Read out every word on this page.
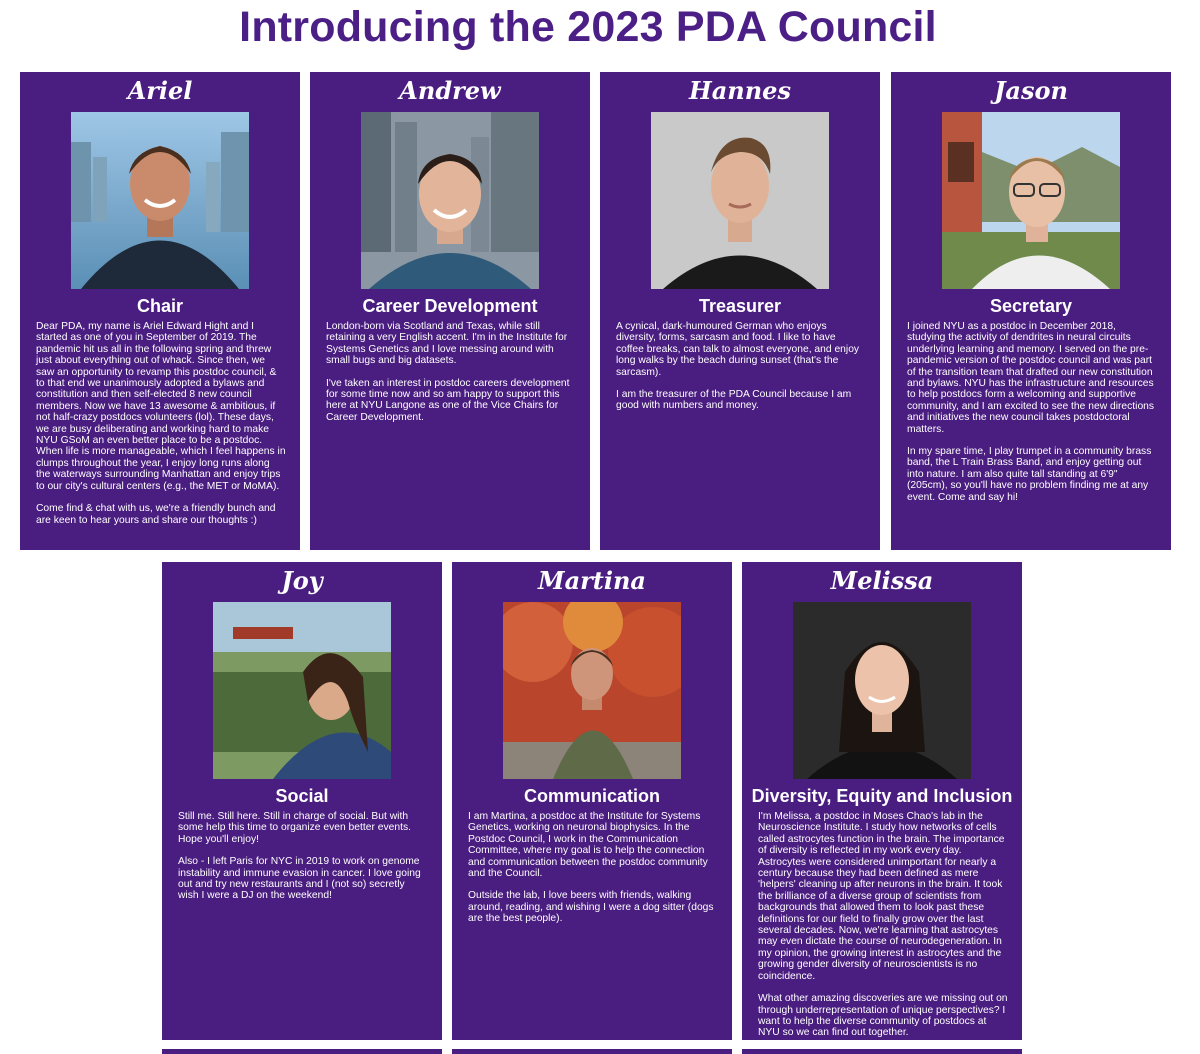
Introducing the 2023 PDA Council
Ariel
Chair

Dear PDA, my name is Ariel Edward Hight and I started as one of you in September of 2019. The pandemic hit us all in the following spring and threw just about everything out of whack. Since then, we saw an opportunity to revamp this postdoc council, & to that end we unanimously adopted a bylaws and constitution and then self-elected 8 new council members. Now we have 13 awesome & ambitious, if not half-crazy postdocs volunteers (lol). These days, we are busy deliberating and working hard to make NYU GSoM an even better place to be a postdoc. When life is more manageable, which I feel happens in clumps throughout the year, I enjoy long runs along the waterways surrounding Manhattan and enjoy trips to our city's cultural centers (e.g., the MET or MoMA).

Come find & chat with us, we're a friendly bunch and are keen to hear yours and share our thoughts :)

Andrew
Career Development

London-born via Scotland and Texas, while still retaining a very English accent. I'm in the Institute for Systems Genetics and I love messing around with small bugs and big datasets.

I've taken an interest in postdoc careers development for some time now and so am happy to support this here at NYU Langone as one of the Vice Chairs for Career Development.

Hannes
Treasurer

A cynical, dark-humoured German who enjoys diversity, forms, sarcasm and food. I like to have coffee breaks, can talk to almost everyone, and enjoy long walks by the beach during sunset (that's the sarcasm).

I am the treasurer of the PDA Council because I am good with numbers and money.

Jason
Secretary

I joined NYU as a postdoc in December 2018, studying the activity of dendrites in neural circuits underlying learning and memory. I served on the pre-pandemic version of the postdoc council and was part of the transition team that drafted our new constitution and bylaws. NYU has the infrastructure and resources to help postdocs form a welcoming and supportive community, and I am excited to see the new directions and initiatives the new council takes postdoctoral matters.

In my spare time, I play trumpet in a community brass band, the L Train Brass Band, and enjoy getting out into nature. I am also quite tall standing at 6'9" (205cm), so you'll have no problem finding me at any event. Come and say hi!

Joy
Social

Still me. Still here. Still in charge of social. But with some help this time to organize even better events. Hope you'll enjoy!

Also - I left Paris for NYC in 2019 to work on genome instability and immune evasion in cancer. I love going out and try new restaurants and I (not so) secretly wish I were a DJ on the weekend!

Martina
Communication

I am Martina, a postdoc at the Institute for Systems Genetics, working on neuronal biophysics. In the Postdoc Council, I work in the Communication Committee, where my goal is to help the connection and communication between the postdoc community and the Council.

Outside the lab, I love beers with friends, walking around, reading, and wishing I were a dog sitter (dogs are the best people).

Melissa
Diversity, Equity and Inclusion

I'm Melissa, a postdoc in Moses Chao's lab in the Neuroscience Institute. I study how networks of cells called astrocytes function in the brain. The importance of diversity is reflected in my work every day. Astrocytes were considered unimportant for nearly a century because they had been defined as mere 'helpers' cleaning up after neurons in the brain. It took the brilliance of a diverse group of scientists from backgrounds that allowed them to look past these definitions for our field to finally grow over the last several decades. Now, we're learning that astrocytes may even dictate the course of neurodegeneration. In my opinion, the growing interest in astrocytes and the growing gender diversity of neuroscientists is no coincidence.

What other amazing discoveries are we missing out on through underrepresentation of unique perspectives? I want to help the diverse community of postdocs at NYU so we can find out together.
